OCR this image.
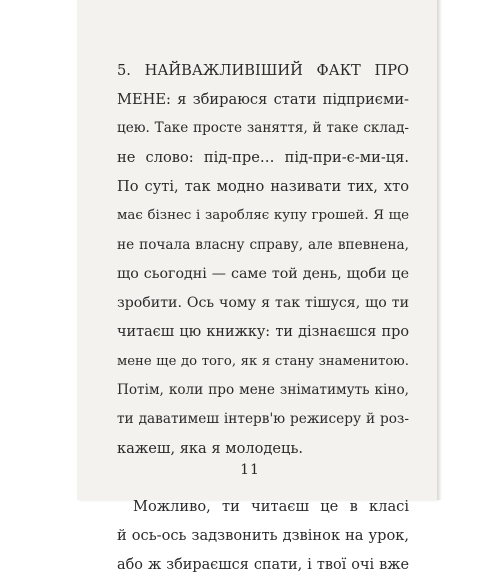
5. НАЙВАЖЛИВІШИЙ ФАКТ ПРО
МЕНЕ: я збираюся стати підприєми-
цею. Таке просте заняття, й таке склад-
не слово: під-пре… під-при-є-ми-ця.
По суті, так модно називати тих, хто
має бізнес і заробляє купу грошей. Я ще
не почала власну справу, але впевнена,
що сьогодні — саме той день, щоби це
зробити. Ось чому я так тішуся, що ти
читаєш цю книжку: ти дізнаєшся про
мене ще до того, як я стану знаменитою.
Потім, коли про мене зніматимуть кіно,
ти даватимеш інтерв'ю режисеру й роз-
кажеш, яка я молодець.
Можливо, ти читаєш це в класі
й ось-ось задзвонить дзвінок на урок,
або ж збираєшся спати, і твої очі вже
11
